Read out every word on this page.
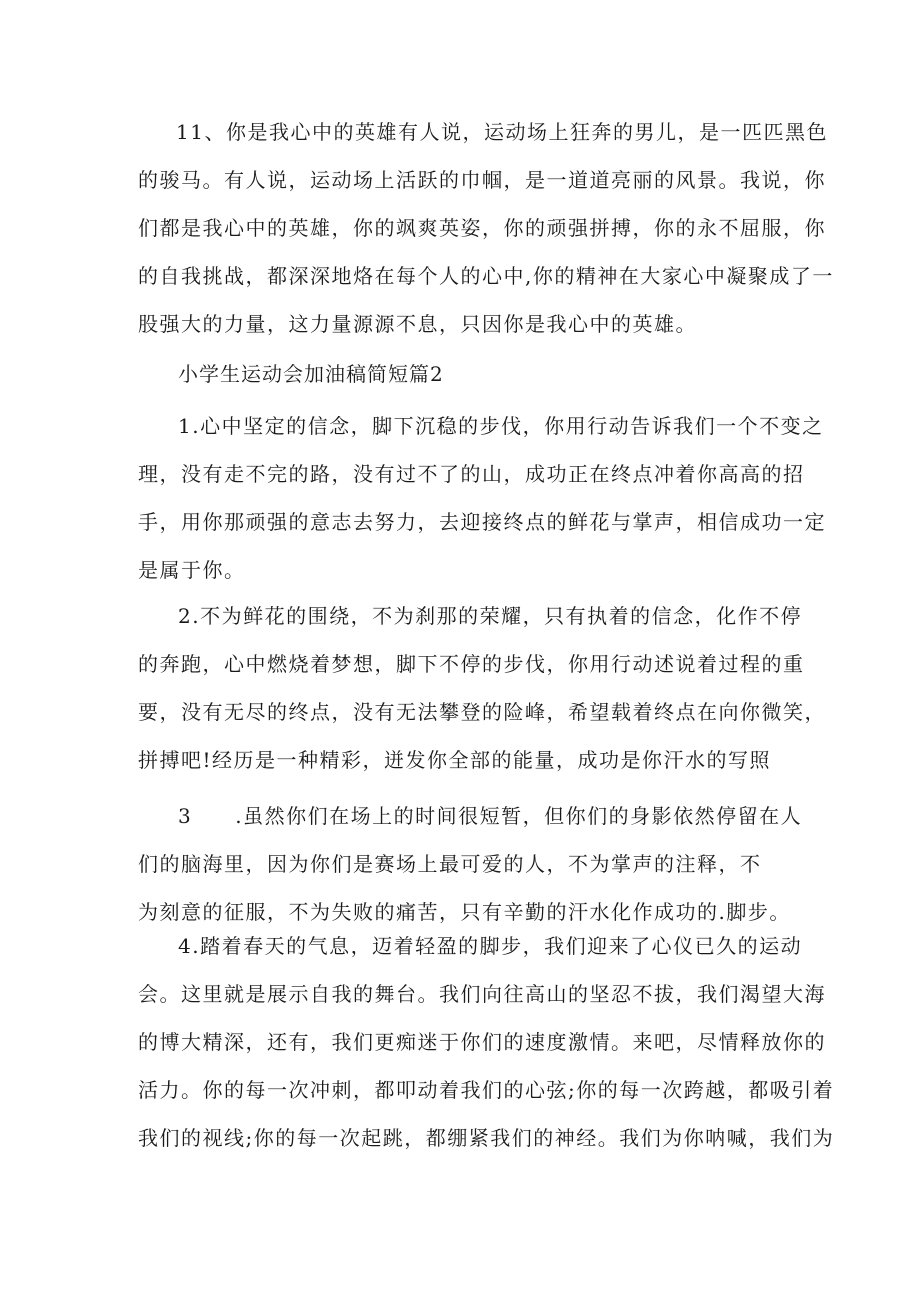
11、你是我心中的英雄有人说，运动场上狂奔的男儿，是一匹匹黑色
的骏马。有人说，运动场上活跃的巾帼，是一道道亮丽的风景。我说，你
们都是我心中的英雄，你的飒爽英姿，你的顽强拼搏，你的永不屈服，你
的自我挑战，都深深地烙在每个人的心中,你的精神在大家心中凝聚成了一
股强大的力量，这力量源源不息，只因你是我心中的英雄。
小学生运动会加油稿简短篇2
1.心中坚定的信念，脚下沉稳的步伐，你用行动告诉我们一个不变之
理，没有走不完的路，没有过不了的山，成功正在终点冲着你高高的招
手，用你那顽强的意志去努力，去迎接终点的鲜花与掌声，相信成功一定
是属于你。
2.不为鲜花的围绕，不为刹那的荣耀，只有执着的信念，化作不停
的奔跑，心中燃烧着梦想，脚下不停的步伐，你用行动述说着过程的重
要，没有无尽的终点，没有无法攀登的险峰，希望载着终点在向你微笑，
拼搏吧!经历是一种精彩，迸发你全部的能量，成功是你汗水的写照
3　　.虽然你们在场上的时间很短暂，但你们的身影依然停留在人
们的脑海里，因为你们是赛场上最可爱的人，不为掌声的注释，不
为刻意的征服，不为失败的痛苦，只有辛勤的汗水化作成功的.脚步。
4.踏着春天的气息，迈着轻盈的脚步，我们迎来了心仪已久的运动
会。这里就是展示自我的舞台。我们向往高山的坚忍不拔，我们渴望大海
的博大精深，还有，我们更痴迷于你们的速度激情。来吧，尽情释放你的
活力。你的每一次冲刺，都叩动着我们的心弦;你的每一次跨越，都吸引着
我们的视线;你的每一次起跳，都绷紧我们的神经。我们为你呐喊，我们为
